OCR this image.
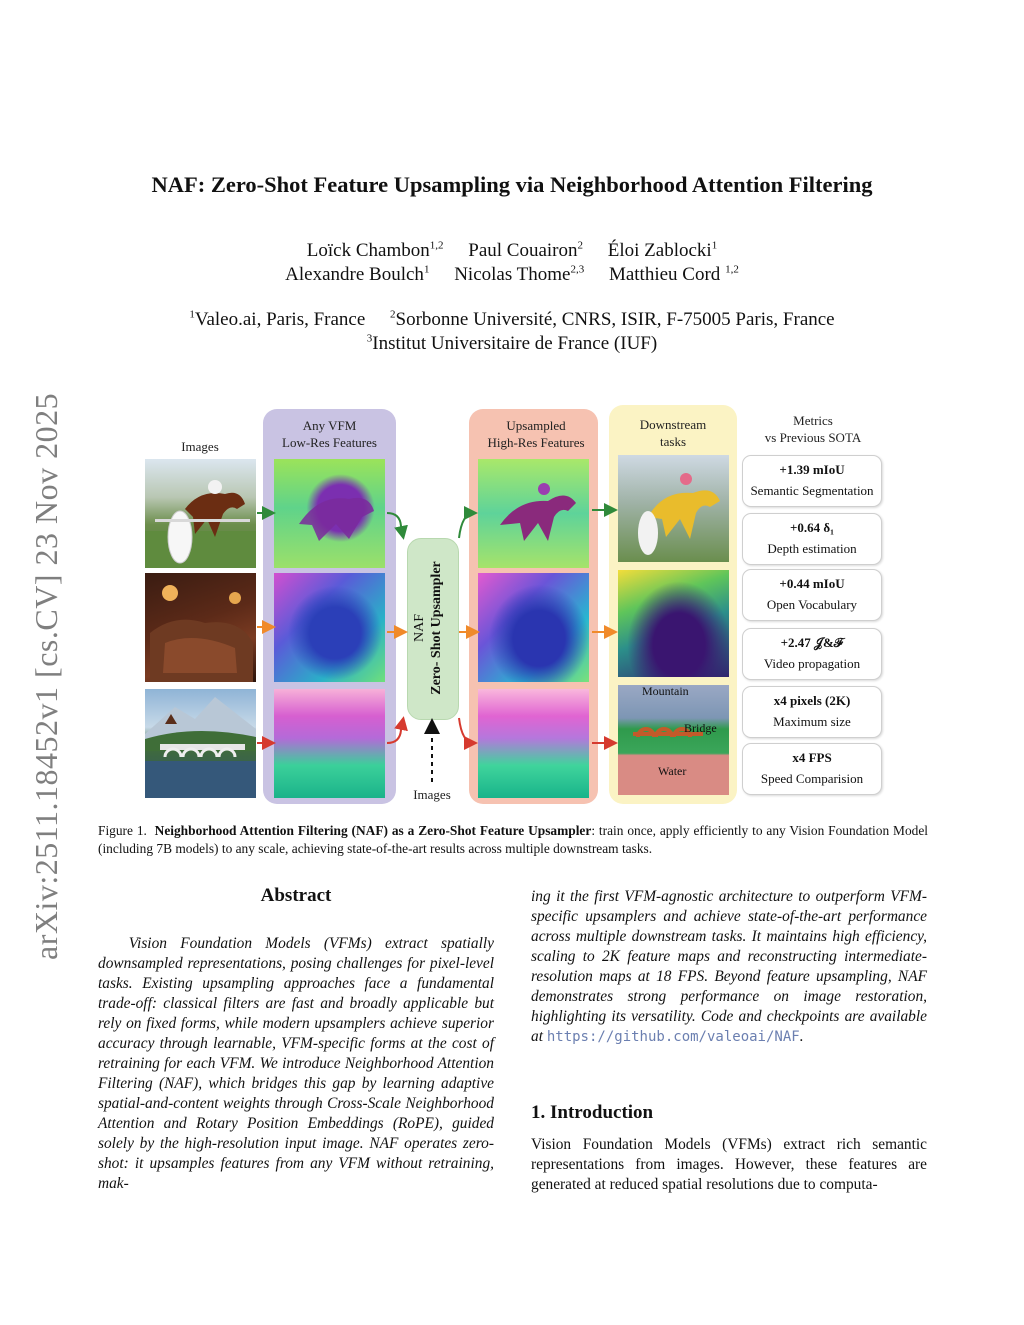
arXiv:2511.18452v1 [cs.CV] 23 Nov 2025
NAF: Zero-Shot Feature Upsampling via Neighborhood Attention Filtering
Loïck Chambon$^{1,2}$ Paul Couairon$^2$ Éloi Zablocki$^1$
Alexandre Boulch$^1$ Nicolas Thome$^{2,3}$ Matthieu Cord $^{1,2}$
$^1$Valeo.ai, Paris, France $^2$Sorbonne Université, CNRS, ISIR, F-75005 Paris, France
$^3$Institut Universitaire de France (IUF)
Images
Any VFM
Low-Res Features
NAF Zero- Shot Upsampler
Images
Upsampled
High-Res Features
Downstream
tasks
Metrics
vs Previous SOTA
Mountain
Bridge
Water
+1.39 mIoU
Semantic Segmentation
+0.64 δ₁
Depth estimation
+0.44 mIoU
Open Vocabulary
+2.47 𝒥&ℱ
Video propagation
x4 pixels (2K)
Maximum size
x4 FPS
Speed Comparision
Figure 1. Neighborhood Attention Filtering (NAF) as a Zero-Shot Feature Upsampler: train once, apply efficiently to any Vision Foundation Model (including 7B models) to any scale, achieving state-of-the-art results across multiple downstream tasks.
Abstract
  Vision Foundation Models (VFMs) extract spatially downsampled representations, posing challenges for pixel-level tasks. Existing upsampling approaches face a fundamental trade-off: classical filters are fast and broadly applicable but rely on fixed forms, while modern upsamplers achieve superior accuracy through learnable, VFM-specific forms at the cost of retraining for each VFM. We introduce Neighborhood Attention Filtering (NAF), which bridges this gap by learning adaptive spatial-and-content weights through Cross-Scale Neighborhood Attention and Rotary Position Embeddings (RoPE), guided solely by the high-resolution input image. NAF operates zero-shot: it upsamples features from any VFM without retraining, mak-
ing it the first VFM-agnostic architecture to outperform VFM-specific upsamplers and achieve state-of-the-art performance across multiple downstream tasks. It maintains high efficiency, scaling to 2K feature maps and reconstructing intermediate-resolution maps at 18 FPS. Beyond feature upsampling, NAF demonstrates strong performance on image restoration, highlighting its versatility. Code and checkpoints are available at https://github.com/valeoai/NAF.
1. Introduction
Vision Foundation Models (VFMs) extract rich semantic representations from images. However, these features are generated at reduced spatial resolutions due to computa-
